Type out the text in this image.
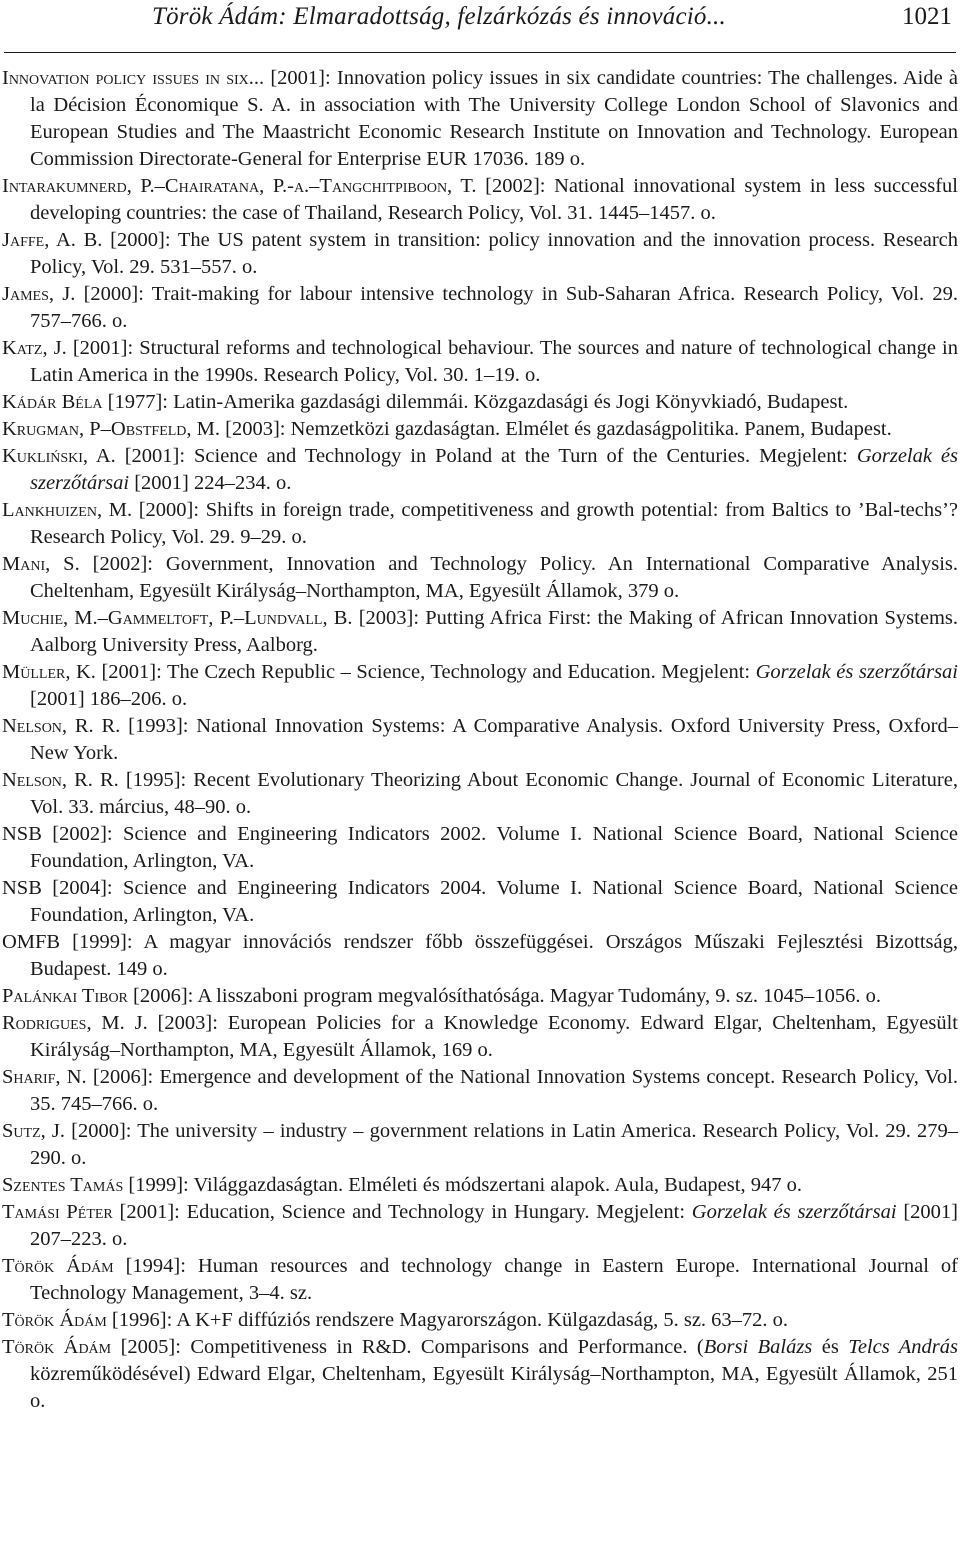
Török Ádám: Elmaradottság, felzárkózás és innováció...	1021

Innovation policy issues in six... [2001]: Innovation policy issues in six candidate countries: The challenges. Aide à la Décision Économique S. A. in association with The University College London School of Slavonics and European Studies and The Maastricht Economic Research Institute on Innovation and Technology. European Commission Directorate-General for Enterprise EUR 17036. 189 o.

Intarakumnerd, P.–Chairatana, P.-a.–Tangchitpiboon, T. [2002]: National innovational system in less successful developing countries: the case of Thailand, Research Policy, Vol. 31. 1445–1457. o.

Jaffe, A. B. [2000]: The US patent system in transition: policy innovation and the innovation process. Research Policy, Vol. 29. 531–557. o.

James, J. [2000]: Trait-making for labour intensive technology in Sub-Saharan Africa. Research Policy, Vol. 29. 757–766. o.

Katz, J. [2001]: Structural reforms and technological behaviour. The sources and nature of technological change in Latin America in the 1990s. Research Policy, Vol. 30. 1–19. o.

Kádár Béla [1977]: Latin-Amerika gazdasági dilemmái. Közgazdasági és Jogi Könyvkiadó, Budapest.

Krugman, P–Obstfeld, M. [2003]: Nemzetközi gazdaságtan. Elmélet és gazdaságpolitika. Panem, Budapest.

Kukliński, A. [2001]: Science and Technology in Poland at the Turn of the Centuries. Megjelent: Gorzelak és szerzőtársai [2001] 224–234. o.

Lankhuizen, M. [2000]: Shifts in foreign trade, competitiveness and growth potential: from Baltics to ’Bal-techs’? Research Policy, Vol. 29. 9–29. o.

Mani, S. [2002]: Government, Innovation and Technology Policy. An International Comparative Analysis. Cheltenham, Egyesült Királyság–Northampton, MA, Egyesült Államok, 379 o.

Muchie, M.–Gammeltoft, P.–Lundvall, B. [2003]: Putting Africa First: the Making of African Innovation Systems. Aalborg University Press, Aalborg.

Müller, K. [2001]: The Czech Republic – Science, Technology and Education. Megjelent: Gorzelak és szerzőtársai [2001] 186–206. o.

Nelson, R. R. [1993]: National Innovation Systems: A Comparative Analysis. Oxford University Press, Oxford–New York.

Nelson, R. R. [1995]: Recent Evolutionary Theorizing About Economic Change. Journal of Economic Literature, Vol. 33. március, 48–90. o.

NSB [2002]: Science and Engineering Indicators 2002. Volume I. National Science Board, National Science Foundation, Arlington, VA.

NSB [2004]: Science and Engineering Indicators 2004. Volume I. National Science Board, National Science Foundation, Arlington, VA.

OMFB [1999]: A magyar innovációs rendszer főbb összefüggései. Országos Műszaki Fejlesztési Bizottság, Budapest. 149 o.

Palánkai Tibor [2006]: A lisszaboni program megvalósíthatósága. Magyar Tudomány, 9. sz. 1045–1056. o.

Rodrigues, M. J. [2003]: European Policies for a Knowledge Economy. Edward Elgar, Cheltenham, Egyesült Királyság–Northampton, MA, Egyesült Államok, 169 o.

Sharif, N. [2006]: Emergence and development of the National Innovation Systems concept. Research Policy, Vol. 35. 745–766. o.

Sutz, J. [2000]: The university – industry – government relations in Latin America. Research Policy, Vol. 29. 279–290. o.

Szentes Tamás [1999]: Világgazdaságtan. Elméleti és módszertani alapok. Aula, Budapest, 947 o.

Tamási Péter [2001]: Education, Science and Technology in Hungary. Megjelent: Gorzelak és szerzőtársai [2001] 207–223. o.

Török Ádám [1994]: Human resources and technology change in Eastern Europe. International Journal of Technology Management, 3–4. sz.

Török Ádám [1996]: A K+F diffúziós rendszere Magyarországon. Külgazdaság, 5. sz. 63–72. o.

Török Ádám [2005]: Competitiveness in R&D. Comparisons and Performance. (Borsi Balázs és Telcs András közreműködésével) Edward Elgar, Cheltenham, Egyesült Királyság–Northampton, MA, Egyesült Államok, 251 o.
